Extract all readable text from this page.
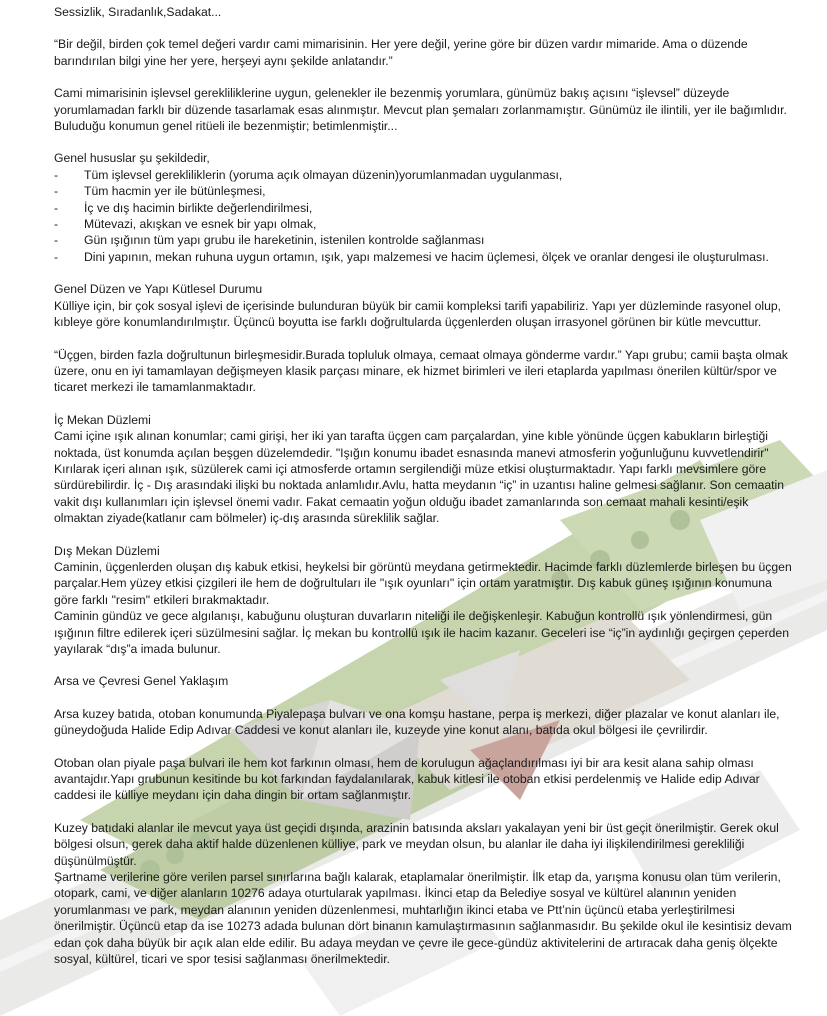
Sessizlik, Sıradanlık,Sadakat...

“Bir değil, birden çok temel değeri vardır cami mimarisinin. Her yere değil, yerine göre bir düzen vardır mimaride. Ama o düzende barındırılan bilgi yine her yere, herşeyi aynı şekilde anlatandır.”

Cami mimarisinin işlevsel gerekliliklerine uygun, gelenekler ile bezenmiş yorumlara, günümüz bakış açısını “işlevsel” düzeyde yorumlamadan farklı bir düzende tasarlamak esas alınmıştır. Mevcut plan şemaları zorlanmamıştır. Günümüz ile ilintili, yer ile bağımlıdır. Buluduğu konumun genel ritüeli ile bezenmiştir; betimlenmiştir...

Genel hususlar şu şekildedir,

- Tüm işlevsel gerekliliklerin (yoruma açık olmayan düzenin)yorumlanmadan uygulanması,
- Tüm hacmin yer ile bütünleşmesi,
- İç ve dış hacimin birlikte değerlendirilmesi,
- Mütevazi, akışkan ve esnek bir yapı olmak,
- Gün ışığının tüm yapı grubu ile hareketinin, istenilen kontrolde sağlanması
- Dini yapının, mekan ruhuna uygun ortamın, ışık, yapı malzemesi ve hacim üçlemesi, ölçek ve oranlar dengesi ile oluşturulması.

Genel Düzen ve Yapı Kütlesel Durumu

Külliye için, bir çok sosyal işlevi de içerisinde bulunduran büyük bir camii kompleksi tarifi yapabiliriz. Yapı yer düzleminde rasyonel olup, kıbleye göre konumlandırılmıştır. Üçüncü boyutta ise farklı doğrultularda üçgenlerden oluşan irrasyonel görünen bir kütle mevcuttur.

“Üçgen, birden fazla doğrultunun birleşmesidir.Burada topluluk olmaya, cemaat olmaya gönderme vardır.” Yapı grubu; camii başta olmak üzere, onu en iyi tamamlayan değişmeyen klasik parçası minare, ek hizmet birimleri ve ileri etaplarda yapılması önerilen kültür/spor ve ticaret merkezi ile tamamlanmaktadır.

İç Mekan Düzlemi

Cami içine ışık alınan konumlar; cami girişi, her iki yan tarafta üçgen cam parçalardan, yine kıble yönünde üçgen kabukların birleştiği noktada, üst konumda açılan beşgen düzelemdedir. "Işığın konumu ibadet esnasında manevi atmosferin yoğunluğunu kuvvetlendirir" Kırılarak içeri alınan ışık, süzülerek cami içi atmosferde ortamın sergilendiği müze etkisi oluşturmaktadır. Yapı farklı mevsimlere göre sürdürebilirdir. İç - Dış arasındaki ilişki bu noktada anlamlıdır.Avlu, hatta meydanın “iç” in uzantısı haline gelmesi sağlanır. Son cemaatin vakit dışı kullanımları için işlevsel önemi vadır. Fakat cemaatin yoğun olduğu ibadet zamanlarında son cemaat mahali kesinti/eşik olmaktan ziyade(katlanır cam bölmeler) iç-dış arasında süreklilik sağlar.

Dış Mekan Düzlemi

Caminin, üçgenlerden oluşan dış kabuk etkisi, heykelsi bir görüntü meydana getirmektedir. Hacimde farklı düzlemlerde birleşen bu üçgen parçalar.Hem yüzey etkisi çizgileri ile hem de doğrultuları ile "ışık oyunları" için ortam yaratmıştır. Dış kabuk güneş ışığının konumuna göre farklı "resim" etkileri bırakmaktadır.

Caminin gündüz ve gece algılanışı, kabuğunu oluşturan duvarların niteliği ile değişkenleşir. Kabuğun kontrollü ışık yönlendirmesi, gün ışığının filtre edilerek içeri süzülmesini sağlar. İç mekan bu kontrollü ışık ile hacim kazanır. Geceleri ise “iç”in aydınlığı geçirgen çeperden yayılarak “dış”a imada bulunur.

Arsa ve Çevresi Genel Yaklaşım

Arsa kuzey batıda, otoban konumunda Piyalepaşa bulvarı ve ona komşu hastane, perpa iş merkezi, diğer plazalar ve konut alanları ile, güneydoğuda Halide Edip Adıvar Caddesi ve konut alanları ile, kuzeyde yine konut alanı, batıda okul bölgesi ile çevrilirdir.

Otoban olan piyale paşa bulvari ile hem kot farkının olması, hem de korulugun ağaçlandırılması iyi bir ara kesit alana sahip olması avantajdır.Yapı grubunun kesitinde bu kot farkından faydalanılarak, kabuk kitlesi ile otoban etkisi perdelenmiş ve Halide edip Adıvar caddesi ile külliye meydanı için daha dingin bir ortam sağlanmıştır.

Kuzey batıdaki alanlar ile mevcut yaya üst geçidi dışında, arazinin batısında aksları yakalayan yeni bir üst geçit önerilmiştir. Gerek okul bölgesi olsun, gerek daha aktif halde düzenlenen külliye, park ve meydan olsun, bu alanlar ile daha iyi ilişkilendirilmesi gerekliliği düşünülmüştür.

Şartname verilerine göre verilen parsel sınırlarına bağlı kalarak, etaplamalar önerilmiştir. İlk etap da, yarışma konusu olan tüm verilerin, otopark, cami, ve diğer alanların 10276 adaya oturtularak yapılması. İkinci etap da Belediye sosyal ve kültürel alanının yeniden yorumlanması ve park, meydan alanının yeniden düzenlenmesi, muhtarlığın ikinci etaba ve Ptt’nin üçüncü etaba yerleştirilmesi önerilmiştir. Üçüncü etap da ise 10273 adada bulunan dört binanın kamulaştırmasının sağlanmasıdır. Bu şekilde okul ile kesintisiz devam edan çok daha büyük bir açık alan elde edilir. Bu adaya meydan ve çevre ile gece-gündüz aktivitelerini de artıracak daha geniş ölçekte sosyal, kültürel, ticari ve spor tesisi sağlanması önerilmektedir.
